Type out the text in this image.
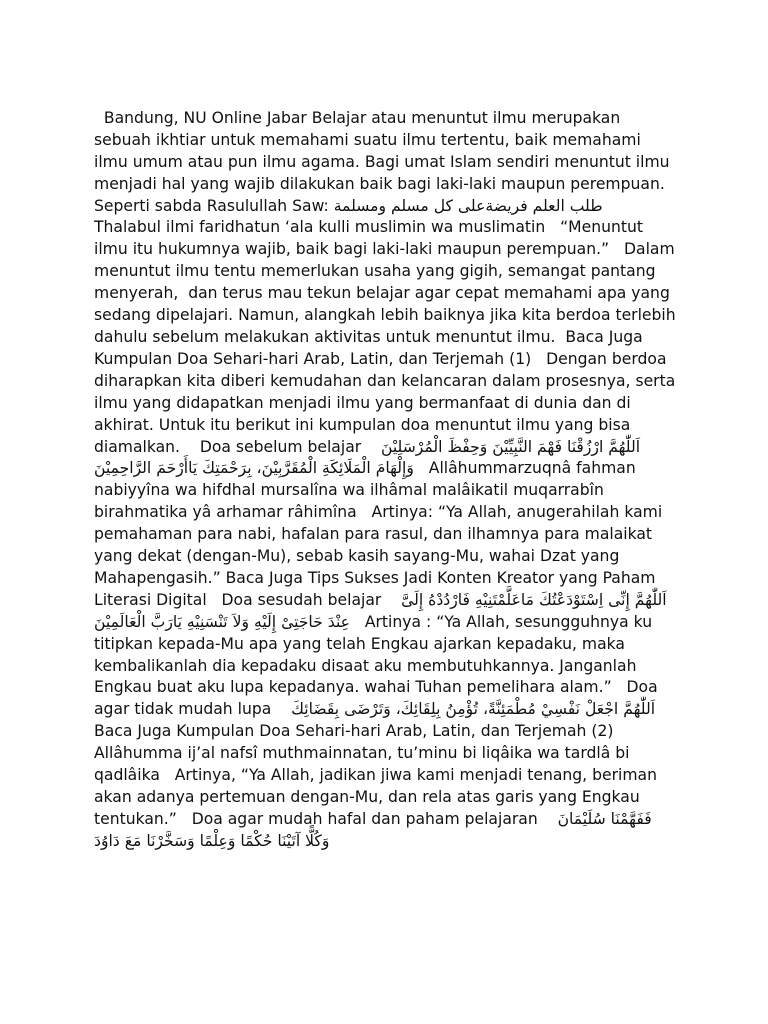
Bandung, NU Online Jabar Belajar atau menuntut ilmu merupakan sebuah ikhtiar untuk memahami suatu ilmu tertentu, baik memahami ilmu umum atau pun ilmu agama. Bagi umat Islam sendiri menuntut ilmu menjadi hal yang wajib dilakukan baik bagi laki-laki maupun perempuan. Seperti sabda Rasulullah Saw: طلب العلم فريضةعلى كل مسلم ومسلمة   Thalabul ilmi faridhatun ‘ala kulli muslimin wa muslimatin   “Menuntut ilmu itu hukumnya wajib, baik bagi laki-laki maupun perempuan.”   Dalam menuntut ilmu tentu memerlukan usaha yang gigih, semangat pantang menyerah,  dan terus mau tekun belajar agar cepat memahami apa yang sedang dipelajari. Namun, alangkah lebih baiknya jika kita berdoa terlebih dahulu sebelum melakukan aktivitas untuk menuntut ilmu.  Baca Juga Kumpulan Doa Sehari-hari Arab, Latin, dan Terjemah (1)   Dengan berdoa diharapkan kita diberi kemudahan dan kelancaran dalam prosesnya, serta ilmu yang didapatkan menjadi ilmu yang bermanfaat di dunia dan di akhirat. Untuk itu berikut ini kumpulan doa menuntut ilmu yang bisa diamalkan.    Doa sebelum belajar    اَللّٰهُمَّ ارْزُقْنَا فَهْمَ النَّبِيِّيْنَ وَحِفْظَ الْمُرْسَلِيْنَ وَإِلْهَامَ الْمَلَائِكَةِ الْمُقَرَّبِيْنَ، بِرَحْمَتِكَ يَاأَرْحَمَ الرَّاحِمِيْنَ   Allâhummarzuqnâ fahman nabiyyîna wa hifdhal mursalîna wa ilhâmal malâikatil muqarrabîn birahmatika yâ arhamar râhimîna   Artinya: “Ya Allah, anugerahilah kami pemahaman para nabi, hafalan para rasul, dan ilhamnya para malaikat yang dekat (dengan-Mu), sebab kasih sayang-Mu, wahai Dzat yang Mahapengasih.” Baca Juga Tips Sukses Jadi Konten Kreator yang Paham Literasi Digital   Doa sesudah belajar    اَللّٰهُمَّ إِنِّى اِسْتَوْدَعْتُكَ مَاعَلَّمْتَنِيْهِ فَارْدُدْهُ إِلَىَّ عِنْدَ حَاجَتِىْ إِلَيْهِ وَلاَ تَنْسَنِيْهِ يَارَبَّ الْعَالَمِيْنَ   Artinya : “Ya Allah, sesungguhnya ku titipkan kepada-Mu apa yang telah Engkau ajarkan kepadaku, maka kembalikanlah dia kepadaku disaat aku membutuhkannya. Janganlah Engkau buat aku lupa kepadanya. wahai Tuhan pemelihara alam.”   Doa agar tidak mudah lupa    اَللّٰهُمَّ اجْعَلْ نَفْسِيْ مُطْمَئِنَّةً، تُؤْمِنُ بِلِقَائِكَ، وَتَرْضَى بِقَضَائِكَ  Baca Juga Kumpulan Doa Sehari-hari Arab, Latin, dan Terjemah (2)   Allâhumma ij’al nafsî muthmainnatan, tu’minu bi liqâika wa tardlâ bi qadlâika   Artinya, “Ya Allah, jadikan jiwa kami menjadi tenang, beriman akan adanya pertemuan dengan-Mu, dan rela atas garis yang Engkau tentukan.”   Doa agar mudah hafal dan paham pelajaran    فَفَهَّمْنَا سُلَيْمَانَ وَكُلًّا آتَيْنَا حُكْمًا وَعِلْمًا وَسَخَّرْنَا مَعَ دَاوُدَ
